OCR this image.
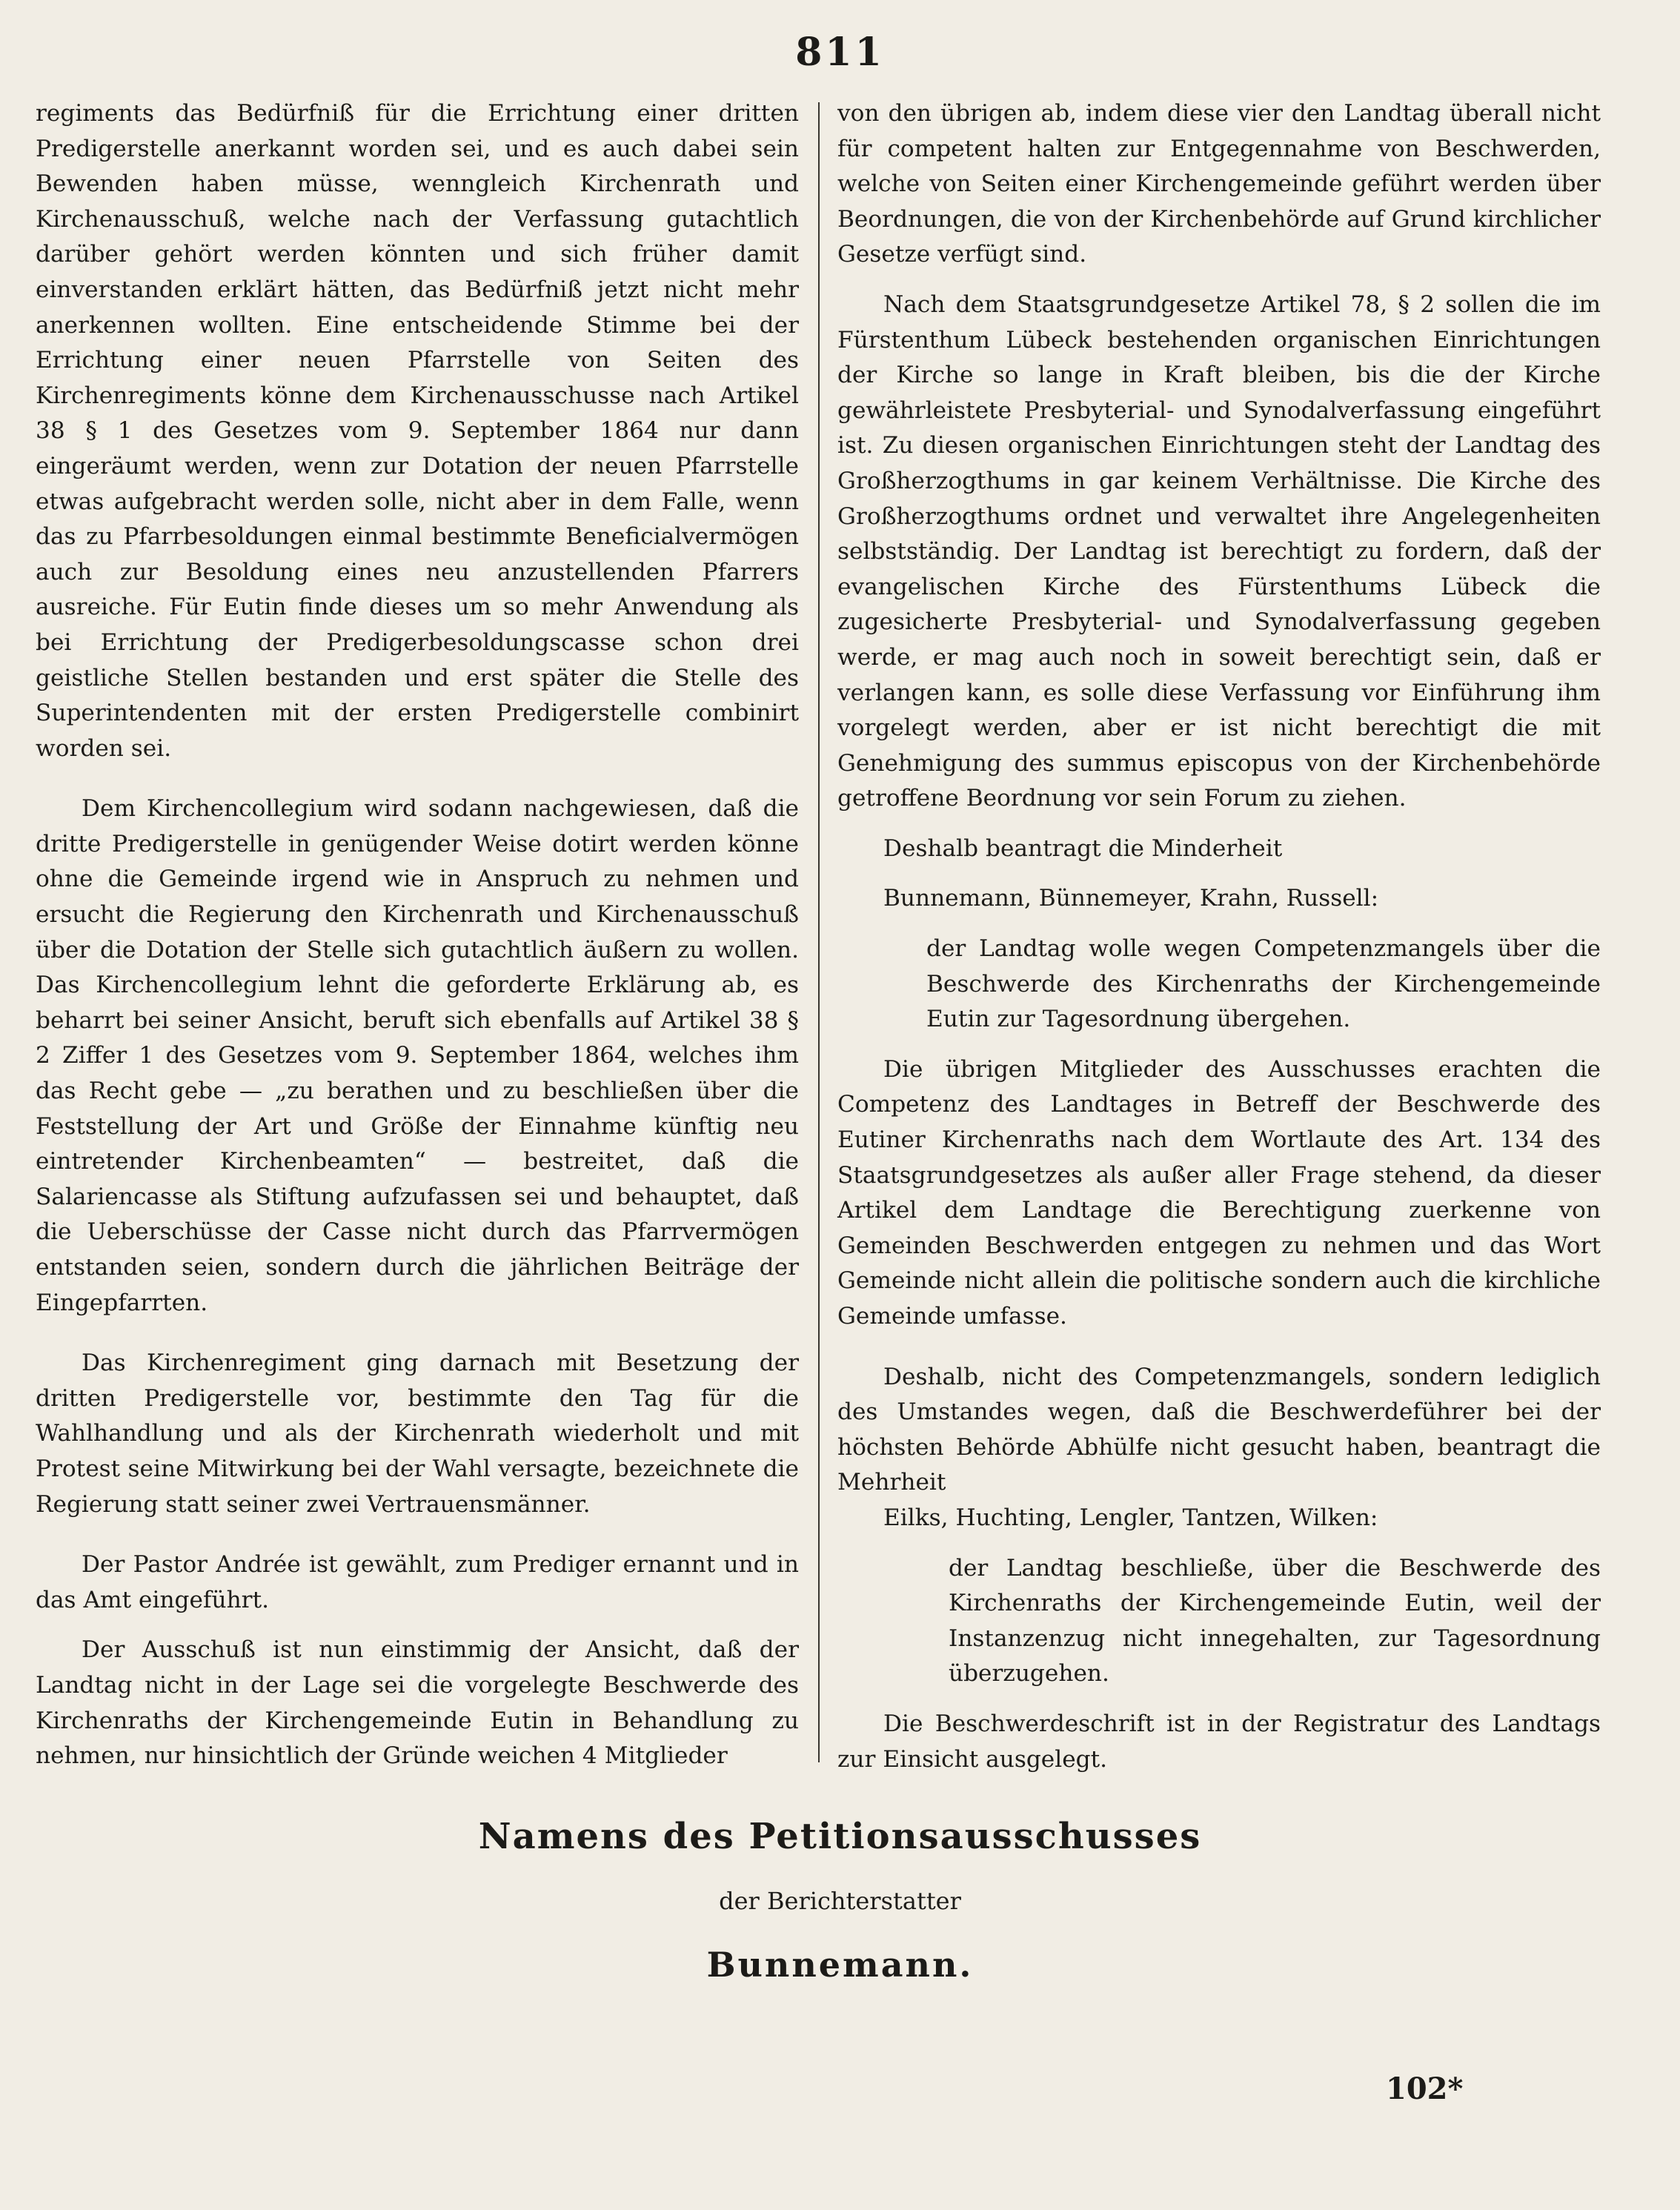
811

regiments das Bedürfniß für die Errichtung einer dritten Predigerstelle anerkannt worden sei, und es auch dabei sein Bewenden haben müsse, wenngleich Kirchenrath und Kirchenausschuß, welche nach der Verfassung gutachtlich darüber gehört werden könnten und sich früher damit einverstanden erklärt hätten, das Bedürfniß jetzt nicht mehr anerkennen wollten. Eine entscheidende Stimme bei der Errichtung einer neuen Pfarrstelle von Seiten des Kirchenregiments könne dem Kirchenausschusse nach Artikel 38 § 1 des Gesetzes vom 9. September 1864 nur dann eingeräumt werden, wenn zur Dotation der neuen Pfarrstelle etwas aufgebracht werden solle, nicht aber in dem Falle, wenn das zu Pfarrbesoldungen einmal bestimmte Beneficialvermögen auch zur Besoldung eines neu anzustellenden Pfarrers ausreiche. Für Eutin finde dieses um so mehr Anwendung als bei Errichtung der Predigerbesoldungscasse schon drei geistliche Stellen bestanden und erst später die Stelle des Superintendenten mit der ersten Predigerstelle combinirt worden sei.

Dem Kirchencollegium wird sodann nachgewiesen, daß die dritte Predigerstelle in genügender Weise dotirt werden könne ohne die Gemeinde irgend wie in Anspruch zu nehmen und ersucht die Regierung den Kirchenrath und Kirchenausschuß über die Dotation der Stelle sich gutachtlich äußern zu wollen. Das Kirchencollegium lehnt die geforderte Erklärung ab, es beharrt bei seiner Ansicht, beruft sich ebenfalls auf Artikel 38 § 2 Ziffer 1 des Gesetzes vom 9. September 1864, welches ihm das Recht gebe — „zu berathen und zu beschließen über die Feststellung der Art und Größe der Einnahme künftig neu eintretender Kirchenbeamten“ — bestreitet, daß die Salariencasse als Stiftung aufzufassen sei und behauptet, daß die Ueberschüsse der Casse nicht durch das Pfarrvermögen entstanden seien, sondern durch die jährlichen Beiträge der Eingepfarrten.

Das Kirchenregiment ging darnach mit Besetzung der dritten Predigerstelle vor, bestimmte den Tag für die Wahlhandlung und als der Kirchenrath wiederholt und mit Protest seine Mitwirkung bei der Wahl versagte, bezeichnete die Regierung statt seiner zwei Vertrauensmänner.

Der Pastor Andrée ist gewählt, zum Prediger ernannt und in das Amt eingeführt.

Der Ausschuß ist nun einstimmig der Ansicht, daß der Landtag nicht in der Lage sei die vorgelegte Beschwerde des Kirchenraths der Kirchengemeinde Eutin in Behandlung zu nehmen, nur hinsichtlich der Gründe weichen 4 Mitglieder

von den übrigen ab, indem diese vier den Landtag überall nicht für competent halten zur Entgegennahme von Beschwerden, welche von Seiten einer Kirchengemeinde geführt werden über Beordnungen, die von der Kirchenbehörde auf Grund kirchlicher Gesetze verfügt sind.

Nach dem Staatsgrundgesetze Artikel 78, § 2 sollen die im Fürstenthum Lübeck bestehenden organischen Einrichtungen der Kirche so lange in Kraft bleiben, bis die der Kirche gewährleistete Presbyterial- und Synodalverfassung eingeführt ist. Zu diesen organischen Einrichtungen steht der Landtag des Großherzogthums in gar keinem Verhältnisse. Die Kirche des Großherzogthums ordnet und verwaltet ihre Angelegenheiten selbstständig. Der Landtag ist berechtigt zu fordern, daß der evangelischen Kirche des Fürstenthums Lübeck die zugesicherte Presbyterial- und Synodalverfassung gegeben werde, er mag auch noch in soweit berechtigt sein, daß er verlangen kann, es solle diese Verfassung vor Einführung ihm vorgelegt werden, aber er ist nicht berechtigt die mit Genehmigung des summus episcopus von der Kirchenbehörde getroffene Beordnung vor sein Forum zu ziehen.

Deshalb beantragt die Minderheit

Bunnemann, Bünnemeyer, Krahn, Russell:

der Landtag wolle wegen Competenzmangels über die Beschwerde des Kirchenraths der Kirchengemeinde Eutin zur Tagesordnung übergehen.

Die übrigen Mitglieder des Ausschusses erachten die Competenz des Landtages in Betreff der Beschwerde des Eutiner Kirchenraths nach dem Wortlaute des Art. 134 des Staatsgrundgesetzes als außer aller Frage stehend, da dieser Artikel dem Landtage die Berechtigung zuerkenne von Gemeinden Beschwerden entgegen zu nehmen und das Wort Gemeinde nicht allein die politische sondern auch die kirchliche Gemeinde umfasse.

Deshalb, nicht des Competenzmangels, sondern lediglich des Umstandes wegen, daß die Beschwerdeführer bei der höchsten Behörde Abhülfe nicht gesucht haben, beantragt die Mehrheit

Eilks, Huchting, Lengler, Tantzen, Wilken:

der Landtag beschließe, über die Beschwerde des Kirchenraths der Kirchengemeinde Eutin, weil der Instanzenzug nicht innegehalten, zur Tagesordnung überzugehen.

Die Beschwerdeschrift ist in der Registratur des Landtags zur Einsicht ausgelegt.

Namens des Petitionsausschusses
der Berichterstatter
Bunnemann.
102*
